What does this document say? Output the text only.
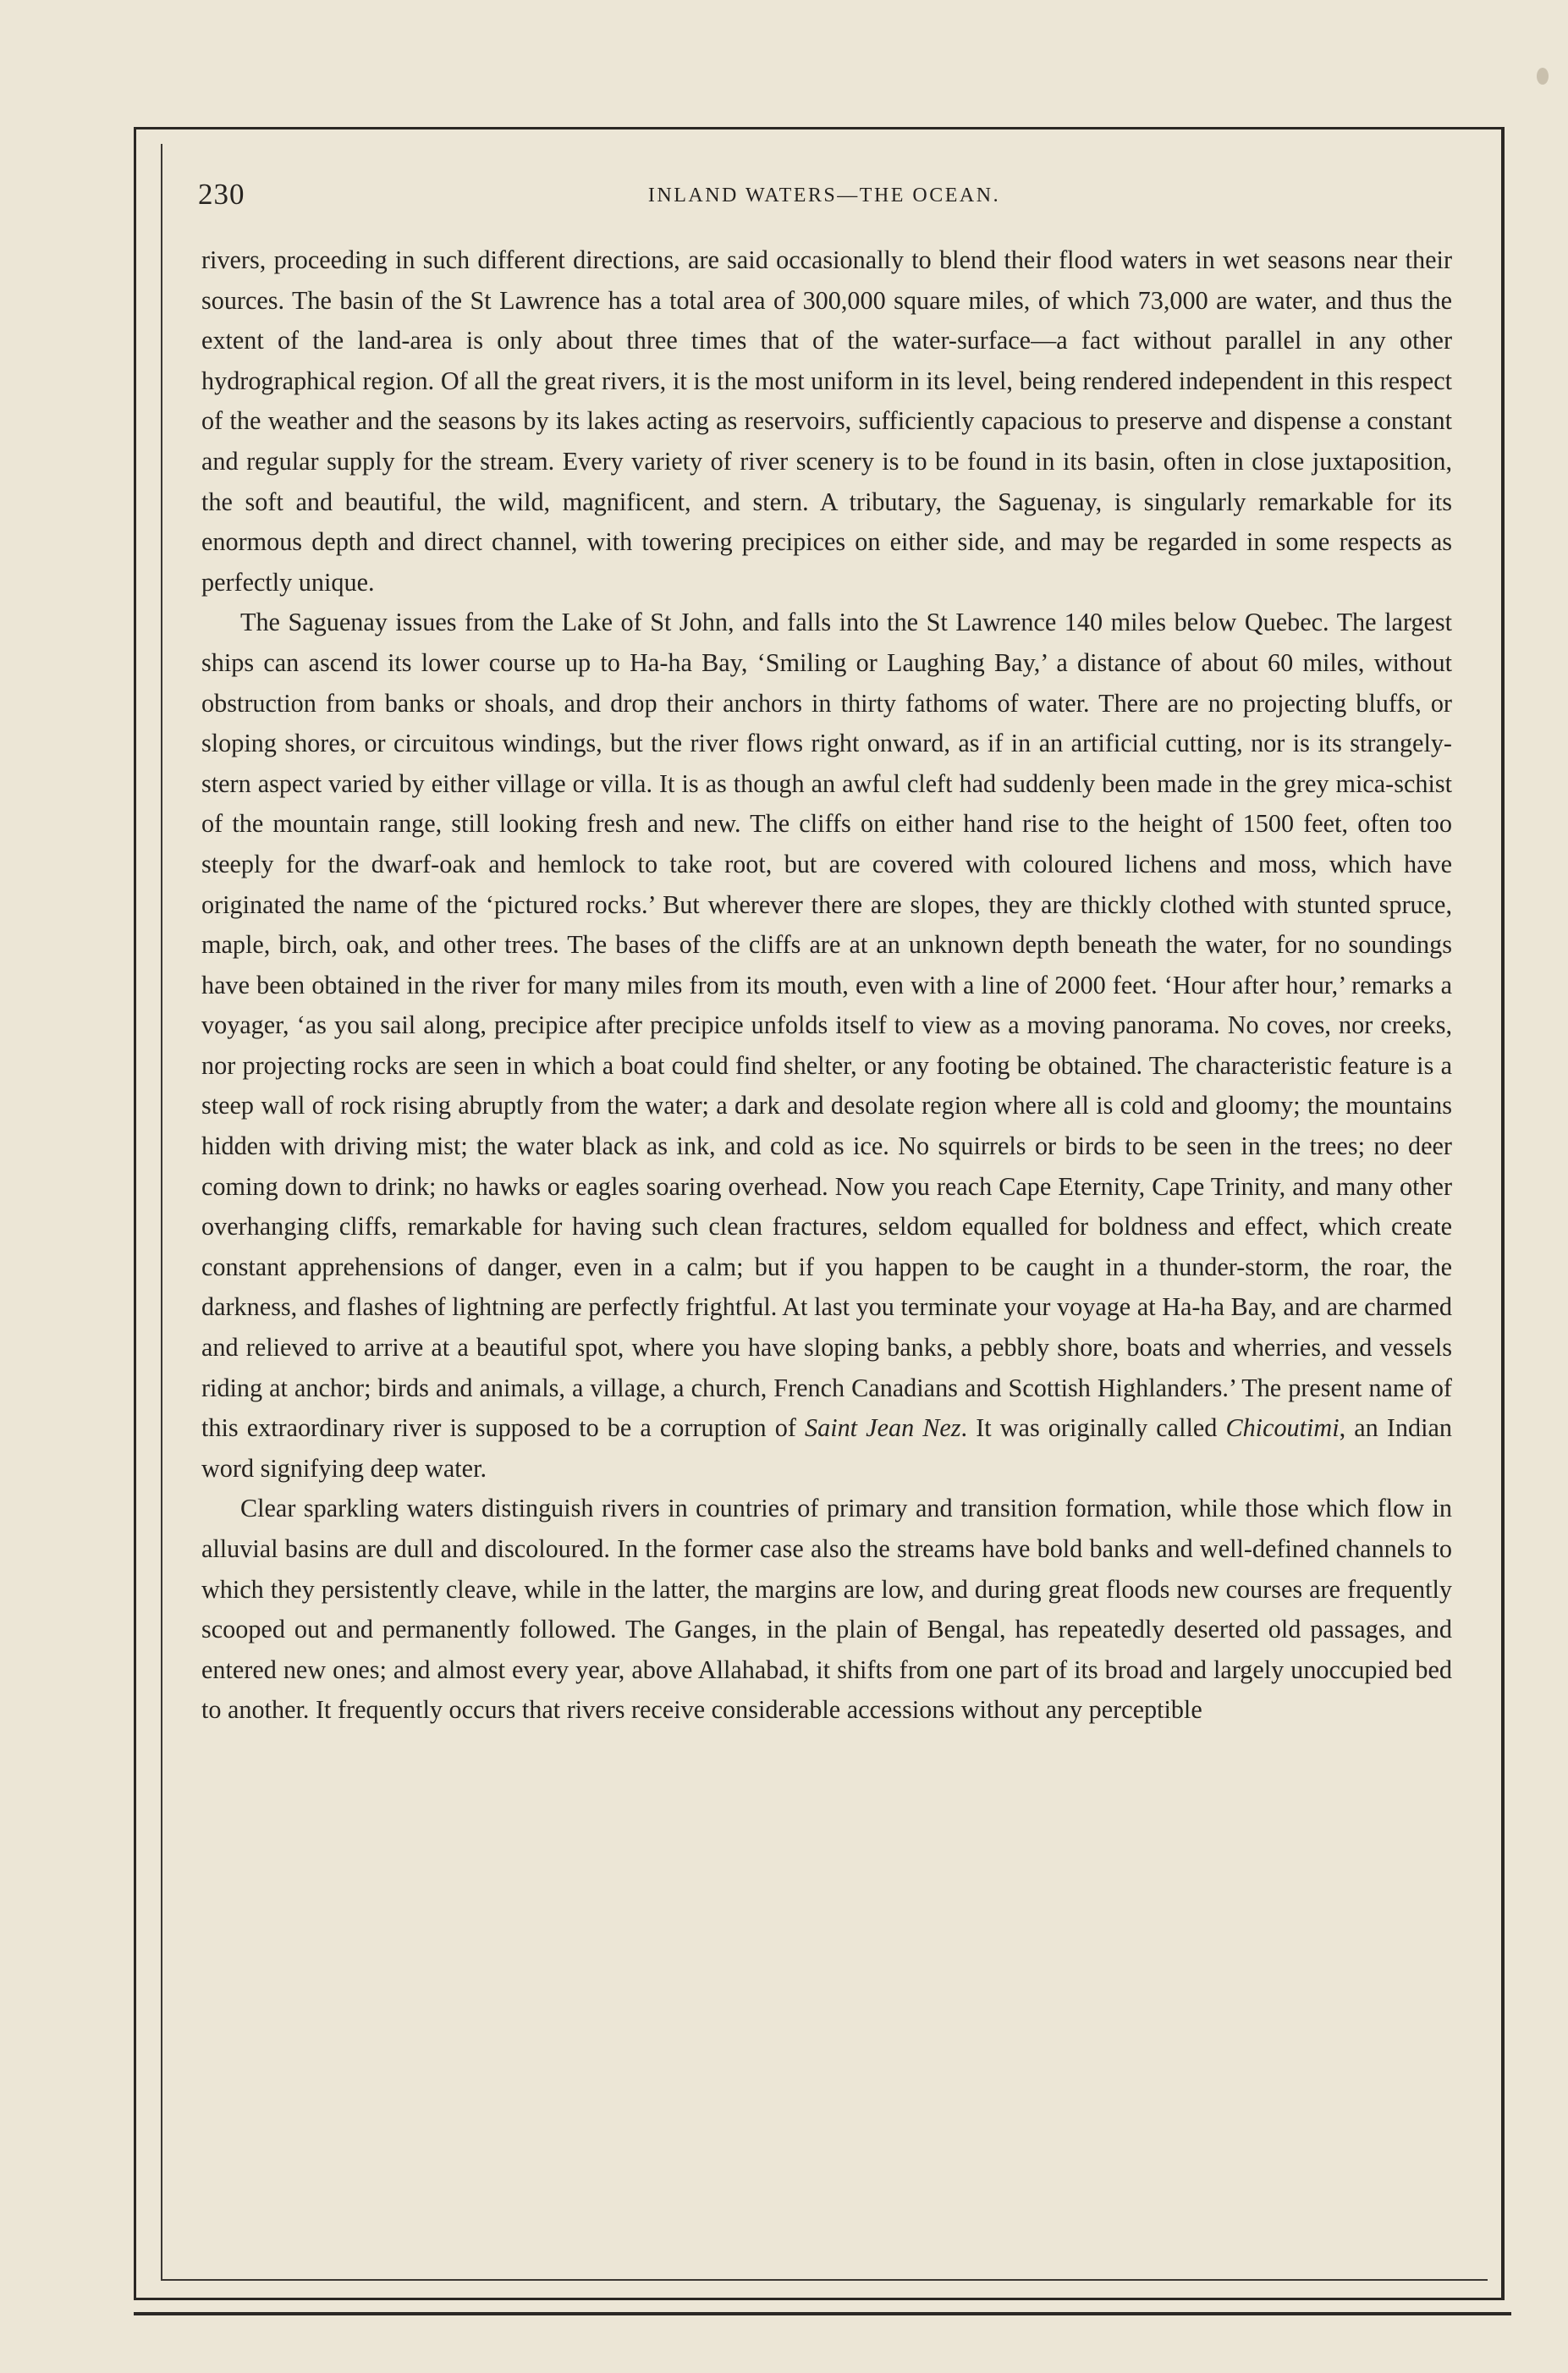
230	INLAND WATERS—THE OCEAN.

rivers, proceeding in such different directions, are said occasionally to blend their flood waters in wet seasons near their sources. The basin of the St Lawrence has a total area of 300,000 square miles, of which 73,000 are water, and thus the extent of the land-area is only about three times that of the water-surface—a fact without parallel in any other hydrographical region. Of all the great rivers, it is the most uniform in its level, being rendered independent in this respect of the weather and the seasons by its lakes acting as reservoirs, sufficiently capacious to preserve and dispense a constant and regular supply for the stream. Every variety of river scenery is to be found in its basin, often in close juxtaposition, the soft and beautiful, the wild, magnificent, and stern. A tributary, the Saguenay, is singularly remarkable for its enormous depth and direct channel, with towering precipices on either side, and may be regarded in some respects as perfectly unique.

The Saguenay issues from the Lake of St John, and falls into the St Lawrence 140 miles below Quebec. The largest ships can ascend its lower course up to Ha-ha Bay, ‘Smiling or Laughing Bay,’ a distance of about 60 miles, without obstruction from banks or shoals, and drop their anchors in thirty fathoms of water. There are no projecting bluffs, or sloping shores, or circuitous windings, but the river flows right onward, as if in an artificial cutting, nor is its strangely-stern aspect varied by either village or villa. It is as though an awful cleft had suddenly been made in the grey mica-schist of the mountain range, still looking fresh and new. The cliffs on either hand rise to the height of 1500 feet, often too steeply for the dwarf-oak and hemlock to take root, but are covered with coloured lichens and moss, which have originated the name of the ‘pictured rocks.’ But wherever there are slopes, they are thickly clothed with stunted spruce, maple, birch, oak, and other trees. The bases of the cliffs are at an unknown depth beneath the water, for no soundings have been obtained in the river for many miles from its mouth, even with a line of 2000 feet. ‘Hour after hour,’ remarks a voyager, ‘as you sail along, precipice after precipice unfolds itself to view as a moving panorama. No coves, nor creeks, nor projecting rocks are seen in which a boat could find shelter, or any footing be obtained. The characteristic feature is a steep wall of rock rising abruptly from the water; a dark and desolate region where all is cold and gloomy; the mountains hidden with driving mist; the water black as ink, and cold as ice. No squirrels or birds to be seen in the trees; no deer coming down to drink; no hawks or eagles soaring overhead. Now you reach Cape Eternity, Cape Trinity, and many other overhanging cliffs, remarkable for having such clean fractures, seldom equalled for boldness and effect, which create constant apprehensions of danger, even in a calm; but if you happen to be caught in a thunder-storm, the roar, the darkness, and flashes of lightning are perfectly frightful. At last you terminate your voyage at Ha-ha Bay, and are charmed and relieved to arrive at a beautiful spot, where you have sloping banks, a pebbly shore, boats and wherries, and vessels riding at anchor; birds and animals, a village, a church, French Canadians and Scottish Highlanders.’ The present name of this extraordinary river is supposed to be a corruption of Saint Jean Nez. It was originally called Chicoutimi, an Indian word signifying deep water.

Clear sparkling waters distinguish rivers in countries of primary and transition formation, while those which flow in alluvial basins are dull and discoloured. In the former case also the streams have bold banks and well-defined channels to which they persistently cleave, while in the latter, the margins are low, and during great floods new courses are frequently scooped out and permanently followed. The Ganges, in the plain of Bengal, has repeatedly deserted old passages, and entered new ones; and almost every year, above Allahabad, it shifts from one part of its broad and largely unoccupied bed to another. It frequently occurs that rivers receive considerable accessions without any perceptible
